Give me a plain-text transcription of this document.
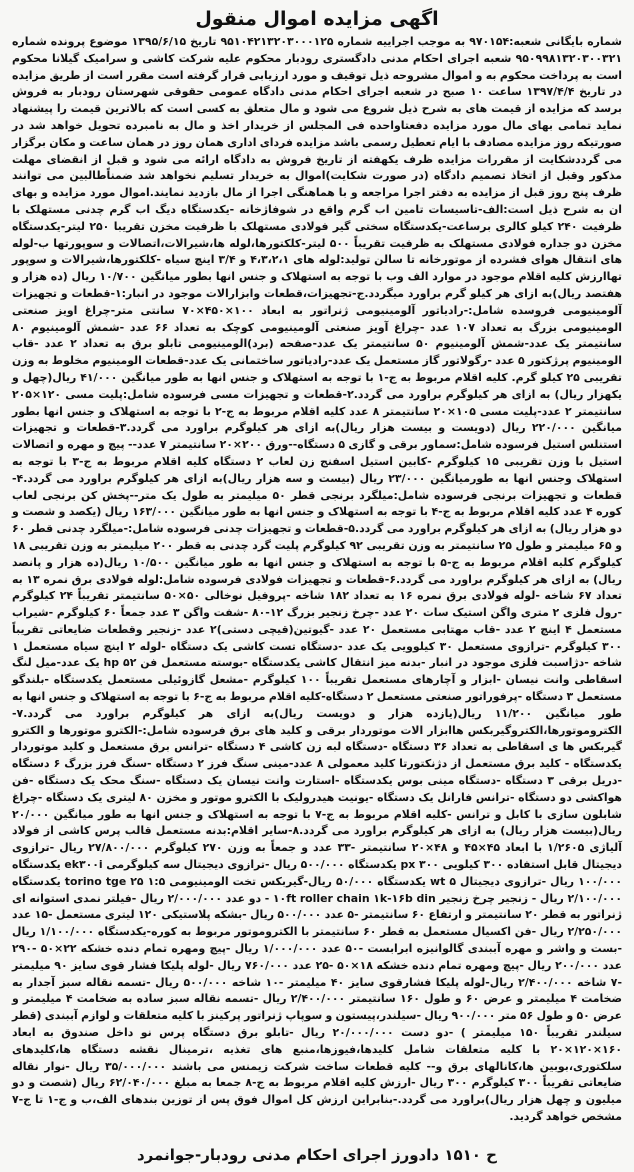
اگهی مزایده اموال منقول

شماره بایگانی شعبه:۹۷۰۱۵۴ به موجب اجراییه شماره ۹۵۱۰۴۲۱۳۲۰۳۰۰۰۱۲۵ تاریخ ۱۳۹۵/۶/۱۵ موضوع پرونده شماره ۹۵۰۹۹۸۱۳۲۰۳۰۰۳۲۱ شعبه اجرای احکام مدنی دادگستری رودبار محکوم علیه شرکت کاشی و سرامیک گیلانا محکوم است به پرداخت محکوم به و اموال مشروحه ذیل توقیف و مورد ارزیابی قرار گرفته است مقرر است از طریق مزایده در تاریخ ۱۳۹۷/۴/۴ ساعت ۱۰ صبح در شعبه اجرای احکام مدنی دادگاه عمومی حقوقی شهرستان رودبار به فروش برسد که مزایده از قیمت های به شرح ذیل شروع می شود و مال متعلق به کسی است که بالاترین قیمت را پیشنهاد نماید تمامی بهای مال مورد مزایده دفعتاواحده فی المجلس از خریدار اخذ و مال به نامبرده تحویل خواهد شد در صورتیکه روز مزایده مصادف با ایام تعطیل رسمی باشد مزایده فردای اداری همان روز در همان ساعت و مکان برگزار می گرددشکایت از مقررات مزایده ظرف یکهفته از تاریخ فروش به دادگاه ارائه می شود و قبل از انقضای مهلت مذکور وقبل از اتخاذ تصمیم دادگاه (در صورت شکایت)اموال به خریدار تسلیم نخواهد شد ضمناًطالبین می توانند ظرف پنج روز قبل از مزایده به دفتر اجرا مراجعه و با هماهنگی اجرا از مال بازدید نمایند.اموال مورد مزایده و بهای ان به شرح ذیل است:الف-تاسیسات تامین اب گرم واقع در شوفاژخانه -یکدستگاه دیگ اب گرم چدنی مستهلک با ظرفیت ۲۴۰ کیلو کالری برساعت-یکدستگاه سختی گیر فولادی مستهلک با ظرفیت مخزن تقریبا ۲۵۰ لیتر-یکدستگاه مخزن دو جداره فولادی مستهلک به ظرفیت تقریباً ۵۰۰ لیتر-کلکتورها،لوله ها،شیرالات،اتصالات و سوپورتها ب-لوله های انتقال هوای فشرده از موتورخانه تا سالن تولید:لوله های ۴،۳،۲،۱ و ۳/۴ اینچ سیاه -کلکتورها،شیرالات و سوپور تهاارزش کلیه اقلام موجود در موارد الف وب با توجه به استهلاک و جنس انها بطور میانگین ۱۰/۷۰۰ ریال (ده هزار و هفتصد ریال)به ازای هر کیلو گرم براورد میگردد.ج-تجهیزات،قطعات وابزارالات موجود در انبار:۱-قطعات و تجهیزات آلومینیومی فروسده شامل:-رادیاتور آلومینیومی ژنراتور به ابعاد ۱۰۰×۴۵۰×۷۰ سانتی متر-چراغ اویز صنعتی الومینیومی بزرگ به تعداد ۱۰۷ عدد -چراغ آویز صنعتی آلومینیومی کوچک به تعداد ۶۶ عدد -شمش آلومینیوم ۸۰ سانتیمتر یک عدد-شمش آلومینیوم ۵۰ سانتیمتر یک عدد-صفحه (برد)الومینیومی تابلو برق به تعداد ۲ عدد -قاب الومینیوم پرژکتور ۵ عدد -رگولاتور گاز مستعمل یک عدد-رادیاتور ساختمانی یک عدد-قطعات الومینیوم مخلوط به وزن تقریبی ۲۵ کیلو گرم. کلیه اقلام مربوط به ج-۱ با توجه به استهلاک و جنس انها به طور میانگین ۴۱/۰۰۰ ریال(چهل و یکهزار ریال) به ازای هر کیلوگرم براورد می گردد.۲-قطعات و تجهیزات مسی فرسوده شامل:پلیت مسی ۱۲۰×۲۰۵ سانتیمتر ۲ عدد-پلیت مسی ۱۰۵×۲۰ سانتیمتر ۸ عدد کلیه اقلام مربوط به ج-۲ با توجه به استهلاک و جنس انها بطور میانگین ۲۲۰/۰۰۰ ریال (دویست و بیست هزار ریال)به ازای هر کیلوگرم براورد می گردد.۳-قطعات و تجهیزات استنلس استیل فرسوده شامل:سماور برقی و گازی ۵ دستگاه--ورق ۲۰۰×۲۰ سانتیمتر ۷ عدد-- پیچ و مهره و اتصالات استیل با وزن تقریبی ۱۵ کیلوگرم -کابین استیل اسفنج زن لعاب ۲ دستگاه کلیه اقلام مربوط به ج-۳ با توجه به استهلاک وجنس انها به طورمیانگین ۲۳/۰۰۰ ریال (بیست و سه هزار ریال)به ازای هر کیلوگرم براورد می گردد.۴-قطعات و تجهیزات برنجی فرسوده شامل:میلگرد برنجی قطر ۵۰ میلیمتر به طول یک متر--پخش کن برنجی لعاب کوره ۴ عدد کلیه اقلام مربوط به ج-۴ با توجه به استهلاک و جنس انها به طور میانگین ۱۶۳/۰۰۰ ریال (یکصد و شصت و دو هزار ریال) به ازای هر کیلوگرم براورد می گردد.۵-قطعات و تجهیزات چدنی فرسوده شامل:-میلگرد چدنی قطر ۶۰ و ۶۵ میلیمتر و طول ۲۵ سانتیمتر به وزن تقریبی ۹۲ کیلوگرم پلیت گرد چدنی به قطر ۲۰۰ میلیمتر به وزن تقریبی ۱۸ کیلوگرم کلیه اقلام مربوط به ج-۵ با توجه به استهلاک و جنس انها به طور میانگین ۱۰/۵۰۰ ریال(ده هزار و پانصد ریال) به ازای هر کیلوگرم براورد می گردد.۶-قطعات و تجهیزات فولادی فرسوده شامل:لوله فولادی برق نمره ۱۳ به تعداد ۶۷ شاخه -لوله فولادی برق نمره ۱۶ به تعداد ۱۸۲ شاخه -پروفیل نوخالی ۵۰×۵۰ سانتیمتر تقریباً ۲۴ کیلوگرم -رول فلزی ۲ متری واگن استیک سات ۲۰ عدد -چرخ زنجیر بزرگ ۱۲-۸۰ -شفت واگن ۳ عدد جمعاً ۶۰ کیلوگرم -شیراب مستعمل ۴ اینچ ۲ عدد -قاب مهتابی مستعمل ۲۰ عدد -گیوتین(قیچی دستی)۲ عدد -زنجیر وقطعات ضایعاتی تقریباً ۳۰۰ کیلوگرم -ترازوی مستعمل ۳۰ کیلوویی یک عدد -دستگاه تست کاشی یک دستگاه -لوله ۲ اینچ سیاه مستعمل ۱ شاخه -دژاسبت فلزی موجود در انبار -بدنه میز انتقال کاشی یکدستگاه -بوسته مستعمل فن ۵۲ hp یک عدد-میل لنگ اسقاطی وانت نیسان -ابزار و آچارهای مستعمل تقریباً ۱۰۰ کیلوگرم -مشعل گازوئیلی مستعمل یکدستگاه -بلندگو مستعمل ۳ دستگاه -پرفوراتور صنعتی مستعمل ۲ دستگاه-کلیه اقلام مربوط به ج-۶ با توجه به استهلاک و جنس انها به طور میانگین ۱۱/۲۰۰ ریال(یازده هزار و دویست ریال)به ازای هر کیلوگرم براورد می گردد.۷-الکتروموتورها،الکتروگیربکس هاابزار الات موتوردار برقی و کلید های برق فرسوده شامل:-الکترو موتورها و الکترو گیربکس ها ی اسقاطی به تعداد ۳۶ دستگاه -دستگاه لبه زن کاشی ۴ دستگاه -ترانس برق مستعمل و کلید موتوردار یکدستگاه - کلید برق مستعمل از دژنکتورتا کلید معمولی ۸ عدد-مینی سنگ فرز ۲ دستگاه -سنگ فرز بزرگ ۶ دستگاه -دریل برقی ۳ دستگاه -دستگاه مینی بوس یکدستگاه -استارت وانت نیسان یک دستگاه -سنگ محک یک دستگاه -فن هواکشی دو دستگاه -ترانس فارانل یک دستگاه -یونیت هیدرولیک با الکترو موتور و مخزن ۸۰ لیتری یک دستگاه -چراغ شابلون سازی با کابل و ترانس -کلیه اقلام مربوط به ج-۷ با توجه به استهلاک و جنس انها به طور میانگین ۲۰/۰۰۰ ریال(بیست هزار ریال) به ازای هر کیلوگرم براورد می گردد.۸-سایر اقلام:بدنه مستعمل قالب پرس کاشی از فولاد آلیاژی ۱/۲۶۰۵ با ابعاد ۴۵×۴۵ و ۴۸×۲۰ سانتیمتر -۳۳ عدد و جمعاً به وزن ۲۷۰ کیلوگرم ۲۷/۸۰۰/۰۰۰ ریال -ترازوی دیجیتال قابل استفاده ۳۰۰ کیلویی ۳۰۰ px یکدستگاه ۵۰۰/۰۰۰ ریال -ترازوی دیجیتال سه کیلوگرمی ek۳۰۰i یکدستگاه ۱۰۰/۰۰۰ ریال -ترازوی دیجیتال wt ۵ یکدستگاه ۵۰/۰۰۰ ریال-گیربکس تخت الومینیومی ۱:۵ torino tge ۲۵ یکدستگاه ۲/۱۰۰/۰۰۰ ریال - زنجیر چرخ زنجیر ۱۰ft roller chain ۱k-۱۶b din - دو عدد ۲/۰۰۰/۰۰۰ ریال -فیلتر نمدی استوانه ای ژنراتور به قطر ۲۰ سانتیمتر و ارتفاع ۶۰ سانتیمتر -۵ عدد ۵۰۰/۰۰۰ ریال -بشکه پلاستیکی ۱۲۰ لیتری مستعمل -۱۵ عدد ۲/۲۵۰/۰۰۰ ریال -فن اکسیال مستعمل به قطر ۶۰ سانتیمتر با الکتروموتور مربوط به کوره-یکدستگاه ۱/۱۰۰/۰۰۰ ریال -بست و واشر و مهره آببندی گالوانیزه ابرابست -۵۰ عدد ۱/۰۰۰/۰۰۰ ریال -پیچ ومهره تمام دنده خشکه ۲۲×۵۰ -۲۹۰ عدد ۲۰۰/۰۰۰ ریال -پیچ ومهره تمام دنده خشکه ۱۸×۵۰ -۲۵ عدد ۷۶۰/۰۰۰ ریال -لوله پلیکا فشار قوی سایز ۹۰ میلیمتر -۷ شاخه ۲/۴۰۰/۰۰۰ ریال-لوله پلیکا فشارقوی سایز ۴۰ میلیمتر -۱۰ شاخه ۵۰۰/۰۰۰ ریال -تسمه نقاله سبز آجدار به ضخامت ۴ میلیمتر و عرض ۶۰ و طول ۱۶۰ سانتیمتر ۲/۴۰۰/۰۰۰ ریال -تسمه نقاله سبز ساده به ضخامت ۴ میلیمتر و عرض ۵۰ و طول ۵۶ متر ۹۰۰/۰۰۰ ریال -سیلندر،پیستون و سوپاپ ژنراتور پرکینز با کلیه متعلقات و لوازم آببندی (قطر سیلندر تقریباً ۱۵۰ میلیمتر ) -دو دست ۲۰/۰۰۰/۰۰۰ ریال -تابلو برق دستگاه پرس نو داخل صندوق به ابعاد ۱۶۰×۱۲۰×۲۰ با کلیه متعلقات شامل کلیدها،فیوزها،منبع های تغذیه ،ترمینال نقشه دستگاه ها،کلیدهای سلکتوری،بوبین ها،کانالهای برق و-- کلیه قطعات ساخت شرکت زیمنس می باشند ۳۵/۰۰۰/۰۰۰ ریال -نوار نقاله ضایعاتی تقریباً ۳۰۰ کیلوگرم ۳۰۰ ریال -ارزش کلیه اقلام مربوط به ج-۸ جمعا به مبلغ ۶۲/۰۴۰/۰۰۰ ریال (شصت و دو میلیون و چهل هزار ریال)براورد می گردد.-بنابراین ارزش کل اموال فوق پس از توزین بندهای الف،ب و ج-۱ تا ج-۷ مشخص خواهد گردید.

ح ۱۵۱۰ دادورز اجرای احکام مدنی رودبار-جوانمرد
